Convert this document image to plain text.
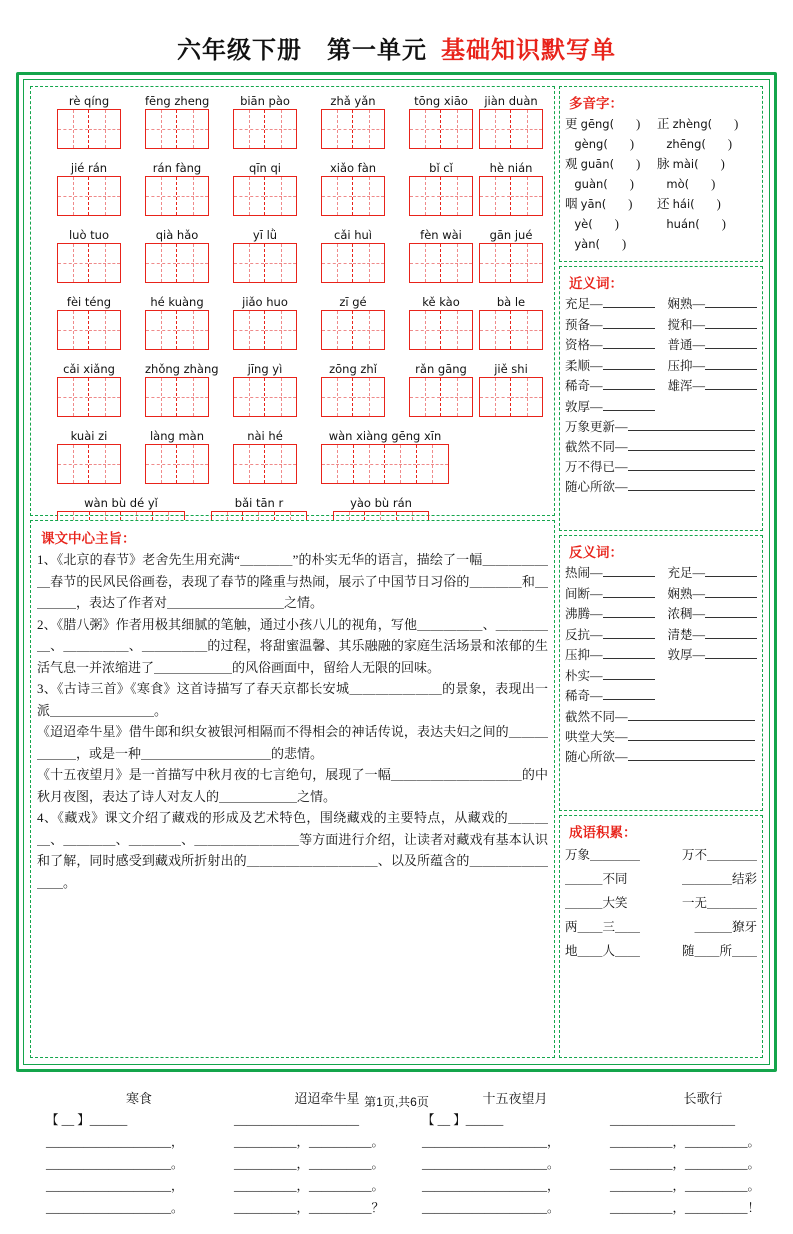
六年级下册　第一单元 基础知识默写单
rè qíng	fēng zheng	biān pào	zhǎ yǎn	tōng xiāo	jiàn duàn
jié rán	rán fàng	qīn qi	xiǎo fàn	bǐ cǐ	hè nián
luò tuo	qià hǎo	yī lǜ	cǎi huì	fèn wài	gān jué
fèi téng	hé kuàng	jiǎo huo	zī gé	kě kào	bà le
cǎi xiǎng	zhǒng zhàng	jīng yì	zōng zhǐ	rǎn gāng	jiě shi
kuài zi	làng màn	nài hé	wàn xiàng gēng xīn
wàn bù dé yǐ	bǎi tān r	yào bù rán
课文中心主旨：

1、《北京的春节》老舍先生用充满“＿＿＿＿”的朴实无华的语言，描绘了一幅＿＿＿＿＿＿春节的民风民俗画卷，表现了春节的隆重与热闹，展示了中国节日习俗的＿＿＿＿和＿＿＿＿，表达了作者对＿＿＿＿＿＿＿＿＿之情。

2、《腊八粥》作者用极其细腻的笔触，通过小孩八儿的视角，写他＿＿＿＿＿、＿＿＿＿＿、＿＿＿＿＿、＿＿＿＿＿的过程，将甜蜜温馨、其乐融融的家庭生活场景和浓郁的生活气息一并浓缩进了＿＿＿＿＿＿的风俗画面中，留给人无限的回味。

3、《古诗三首》《寒食》这首诗描写了春天京都长安城＿＿＿＿＿＿＿的景象，表现出一派＿＿＿＿＿＿＿＿。

《迢迢牵牛星》借牛郎和织女被银河相隔而不得相会的神话传说，表达夫妇之间的＿＿＿＿＿＿，或是一种＿＿＿＿＿＿＿＿＿＿的悲情。

《十五夜望月》是一首描写中秋月夜的七言绝句，展现了一幅＿＿＿＿＿＿＿＿＿＿的中秋月夜图，表达了诗人对友人的＿＿＿＿＿＿之情。

4、《藏戏》课文介绍了藏戏的形成及艺术特色，围绕藏戏的主要特点，从藏戏的＿＿＿＿、＿＿＿＿、＿＿＿＿、＿＿＿＿＿＿＿＿等方面进行介绍，让读者对藏戏有基本认识和了解，同时感受到藏戏所折射出的＿＿＿＿＿＿＿＿＿＿、以及所蕴含的＿＿＿＿＿＿＿＿。

多音字：
更 gēng( ) 正 zhèng( )
gèng( )	zhēng( )
观 guān( ) 脉 mài( )
guàn( )	mò( )
咽 yān( ) 还 hái( )
yè( )	huán( )
yàn( )
近义词：
充足—	娴熟—
预备—	搅和—
资格—	普通—
柔顺—	压抑—
稀奇—	雄浑—
敦厚—
万象更新—
截然不同—
万不得已—
随心所欲—
反义词：
热闹—	充足—
间断—	娴熟—
沸腾—	浓稠—
反抗—	清楚—
压抑—	敦厚—
朴实—
稀奇—
截然不同—
哄堂大笑—
随心所欲—
成语积累：
万象＿＿＿＿	万不＿＿＿＿
＿＿＿不同	＿＿＿＿结彩
＿＿＿大笑	一无＿＿＿＿
两＿＿三＿＿	＿＿＿獠牙
地＿＿人＿＿	随＿＿所＿＿
寒食
【 __ 】______
____________________，
____________________。
____________________，
____________________。
迢迢牵牛星
____________________
__________，__________。
__________，__________。
__________，__________。
__________，__________？
十五夜望月
【 __ 】______
____________________，
____________________。
____________________，
____________________。
长歌行
____________________
__________，__________。
__________，__________。
__________，__________。
__________，__________！
第1页,共6页
